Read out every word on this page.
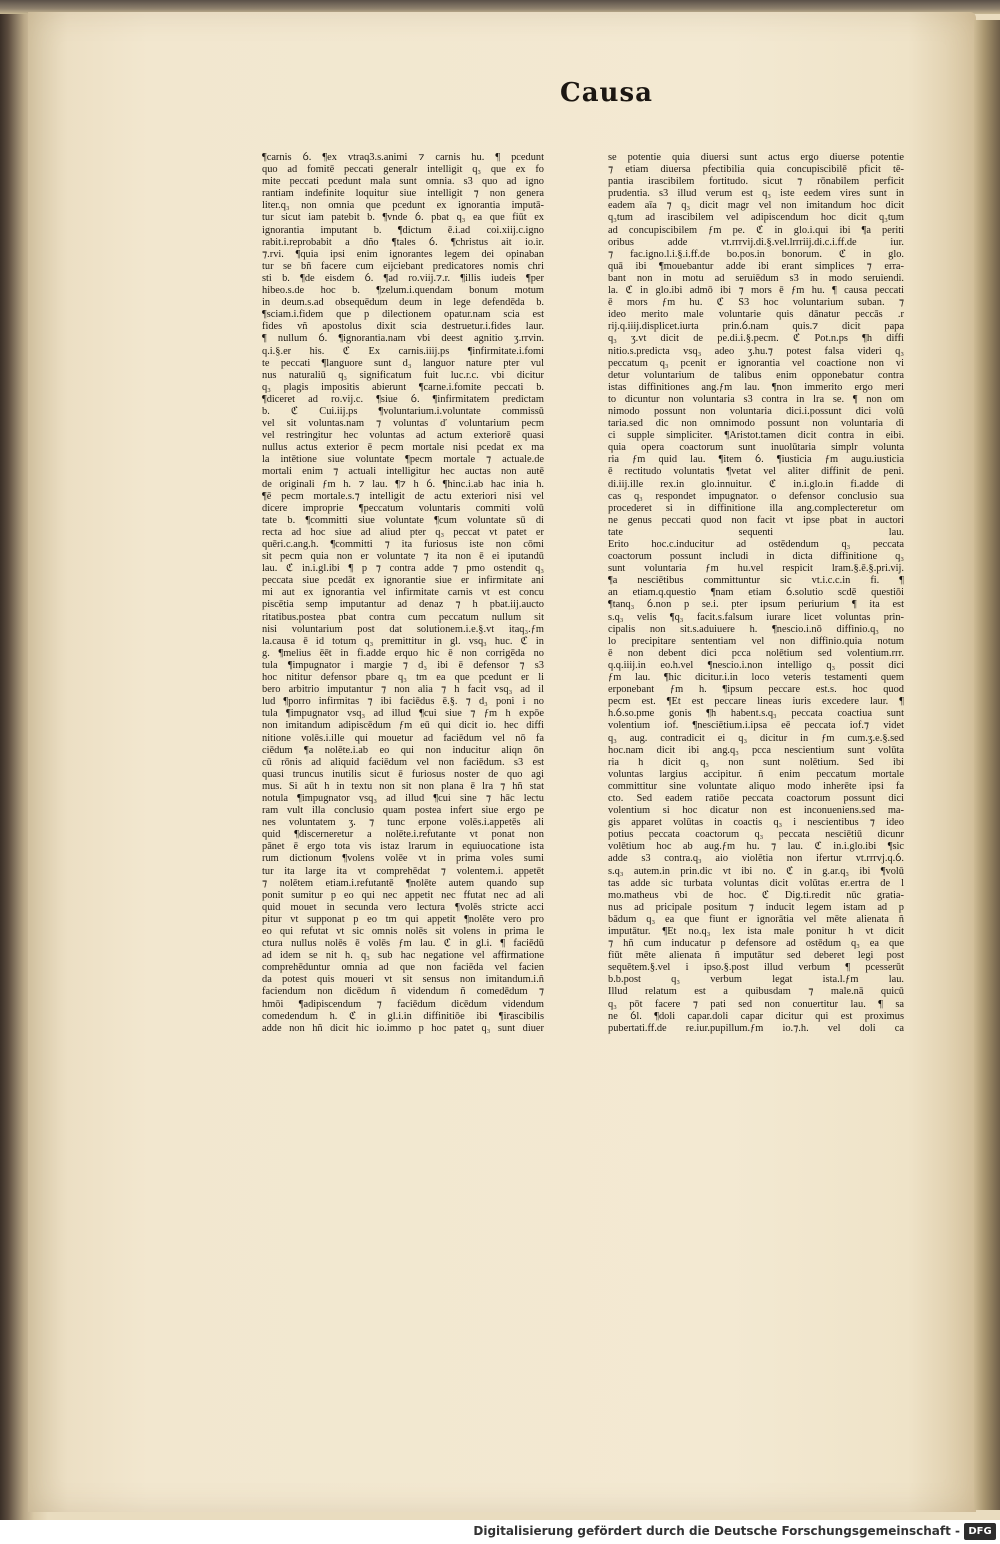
Causa
¶carnis ỽ. ¶ex vtraq3.s.animi ⁊ carnis hu. ¶ pcedunt
quo ad fomitē peccati generalr intelligit q₃ que ex fo
mite peccati pcedunt mala sunt omnia. s3 quo ad igno
rantiam indefinite loquitur siue intelligit ⁊ non genera
liter.q₃ non omnia que pcedunt ex ignorantia imputā-
tur sicut iam patebit b. ¶vnde ỽ. pbat q₃ ea que fiūt ex
ignorantia imputant b. ¶dictum ē.i.ad coi.xiij.c.igno
rabit.i.reprobabit a dño ¶tales ỽ. ¶christus ait io.ir.
⁊.rvi. ¶quia ipsi enim ignorantes legem dei opinaban
tur se bñ facere cum eijciebant predicatores nomis chri
sti b. ¶de eisdem ỽ. ¶ad ro.viij.⁊.r. ¶illis iudeis ¶per
hibeo.s.de hoc b. ¶zelum.i.quendam bonum motum
in deum.s.ad obsequēdum deum in lege defendēda b.
¶sciam.i.fidem que p dilectionem opatur.nam scia est
fides vñ apostolus dixit scia destruetur.i.fides laur.
¶ nullum ỽ. ¶ignorantia.nam vbi deest agnitio ʒ.rrvin.
q.i.§.er his. ℭ Ex carnis.iiij.ps ¶infirmitate.i.fomi
te peccati ¶languore sunt d₃ languor nature pter vul
nus naturaliū q₃ significatum fuit luc.r.c. vbi dicitur
q₃ plagis impositis abierunt ¶carne.i.fomite peccati b.
¶diceret ad ro.vij.c. ¶siue ỽ. ¶infirmitatem predictam
b. ℭ Cui.iij.ps ¶voluntarium.i.voluntate commissū
vel sit voluntas.nam ⁊ voluntas ď voluntarium pecm
vel restringitur hec voluntas ad actum exteriorē quasi
nullus actus exterior ē pecm mortale nisi pcedat ex ma
la intētione siue voluntate ¶pecm mortale ⁊ actuale.de
mortali enim ⁊ actuali intelligitur hec auctas non autē
de originali ƒm h. ⁊ lau. ¶⁊ h ỽ. ¶hinc.i.ab hac inia h.
¶ē pecm mortale.s.⁊ intelligit de actu exteriori nisi vel
dicere improprie ¶peccatum voluntaris commiti volū
tate b. ¶committi siue voluntate ¶cum voluntate sū di
recta ad hoc siue ad aliud pter q₃ peccat vt patet er
quēri.c.ang.h. ¶committi ⁊ ita furiosus iste non cōmi
sit pecm quia non er voluntate ⁊ ita non ē ei iputandū
lau. ℭ in.i.gl.ibi ¶ p ⁊ contra adde ⁊ pmo ostendit q₃
peccata siue pcedāt ex ignorantie siue er infirmitate ani
mi aut ex ignorantia vel infirmitate carnis vt est concu
piscētia semp imputantur ad denaz ⁊ h pbat.iij.aucto
ritatibus.postea pbat contra cum peccatum nullum sit
nisi voluntarium post dat solutionem.i.e.§.vt itaq₃.ƒm
la.causa ē id totum q₃ premittitur in gl. vsq₃ huc. ℭ in
g. ¶melius ēēt in fi.adde erquo hic ē non corrigēda no
tula ¶impugnator i margie ⁊ d₃ ibi ē defensor ⁊ s3
hoc nititur defensor pbare q₃ tm ea que pcedunt er li
bero arbitrio imputantur ⁊ non alia ⁊ h facit vsq₃ ad il
lud ¶porro infirmitas ⁊ ibi faciēdus ē.§. ⁊ d₃ poni i no
tula ¶impugnator vsq₃ ad illud ¶cui siue ⁊ ƒm h expōe
non imitandum adipiscēdum ƒm eū qui dicit io. hec diffi
nitione volēs.i.ille qui mouetur ad faciēdum vel nō fa
ciēdum ¶a nolēte.i.ab eo qui non inducitur aliqn ōn
cū rōnis ad aliquid faciēdum vel non faciēdum. s3 est
quasi truncus inutilis sicut ē furiosus noster de quo agi
mus. Si aūt h in textu non sit non plana ē lra ⁊ hñ stat
notula ¶impugnator vsq₃ ad illud ¶cui sine ⁊ hāc lectu
ram vult illa conclusio quam postea infert siue ergo pe
nes voluntatem ʒ. ⁊ tunc erpone volēs.i.appetēs ali
quid ¶discerneretur a nolēte.i.refutante vt ponat non
pānet ē ergo tota vis istaz lrarum in equiuocatione ista
rum dictionum ¶volens volēe vt in prima voles sumi
tur ita large ita vt comprehēdat ⁊ volentem.i. appetēt
⁊ nolētem etiam.i.refutantē ¶nolēte autem quando sup
ponit sumitur p eo qui nec appetit nec ffutat nec ad ali
quid mouet in secunda vero lectura ¶volēs stricte acci
pitur vt supponat p eo tm qui appetit ¶nolēte vero pro
eo qui refutat vt sic omnis nolēs sit volens in prima le
ctura nullus nolēs ē volēs ƒm lau. ℭ in gl.i. ¶ faciēdū
ad idem se nit h. q₃ sub hac negatione vel affirmatione
comprehēduntur omnia ad que non faciēda vel facien
da potest quis moueri vt sit sensus non imitandum.i.ñ
faciendum non dicēdum ñ videndum ñ comedēdum ⁊
hmōi ¶adipiscendum ⁊ faciēdum dicēdum videndum
comedendum h. ℭ in gl.i.in diffinitiōe ibi ¶irascibilis
adde non hñ dicit hic io.immo p hoc patet q₃ sunt diuer
se potentie quia diuersi sunt actus ergo diuerse potentie
⁊ etiam diuersa pfectibilia quia concupiscibilē pficit tē-
pantia irascibilem fortitudo. sicut ⁊ rōnabilem perficit
prudentia. s3 illud verum est q₃ iste eedem vires sunt in
eadem aīa ⁊ q₃ dicit magr vel non imitandum hoc dicit
q₃tum ad irascibilem vel adipiscendum hoc dicit q₃tum
ad concupiscibilem ƒm pe. ℭ in glo.i.qui ibi ¶a periti
oribus adde vt.rrrvij.di.§.vel.lrrriij.di.c.i.ff.de iur.
⁊ fac.igno.l.i.§.i.ff.de bo.pos.in bonorum. ℭ in glo.
quā ibi ¶mouebantur adde ibi erant simplices ⁊ erra-
bant non in motu ad seruiēdum s3 in modo seruiendi.
la. ℭ in glo.ibi admō ibi ⁊ mors ē ƒm hu. ¶ causa peccati
ē mors ƒm hu. ℭ S3 hoc voluntarium suban. ⁊
ideo merito male voluntarie quis dānatur peccās .r
rij.q.iiij.displicet.iurta prin.ỽ.nam quis.⁊ dicit papa
q₃ ʒ.vt dicit de pe.di.i.§.pecm. ℭ Pot.n.ps ¶h diffi
nitio.s.predicta vsq₃ adeo ʒ.hu.⁊ potest falsa videri q₃
peccatum q₃ pcenit er ignorantia vel coactione non vi
detur voluntarium de talibus enim opponebatur contra
istas diffinitiones ang.ƒm lau. ¶non immerito ergo meri
to dicuntur non voluntaria s3 contra in lra se. ¶ non om
nimodo possunt non voluntaria dici.i.possunt dici volū
taria.sed dic non omnimodo possunt non voluntaria di
ci supple simpliciter. ¶Aristot.tamen dicit contra in eibi.
quia opera coactorum sunt inuolūtaria simplr volunta
ria ƒm quid lau. ¶item ỽ. ¶iusticia ƒm augu.iusticia
ē rectitudo voluntatis ¶vetat vel aliter diffinit de peni.
di.iij.ille rex.in glo.innuitur. ℭ in.i.glo.in fi.adde di
cas q₃ respondet impugnator. o defensor conclusio sua
procederet si in diffinitione illa ang.complecteretur om
ne genus peccati quod non facit vt ipse pbat in auctori
tate sequenti lau.
Erito hoc.c.inducitur ad ostēdendum q₃ peccata
coactorum possunt includi in dicta diffinitione q₃
sunt voluntaria ƒm hu.vel respicit lram.§.ē.§.pri.vij.
¶a nesciētibus committuntur sic vt.i.c.c.in fi. ¶
an etiam.q.questio ¶nam etiam ỽ.solutio scdē questiōi
¶tanq₃ ỽ.non p se.i. pter ipsum periurium ¶ ita est
s.q₃ velis ¶q₃ facit.s.falsum iurare licet voluntas prin-
cipalis non sit.s.aduiuere h. ¶nescio.i.nō diffinio.q₃ no
lo precipitare sententiam vel non diffinio.quia notum
ē non debent dici pcca nolētium sed volentium.rrr.
q.q.iiij.in eo.h.vel ¶nescio.i.non intelligo q₃ possit dici
ƒm lau. ¶hic dicitur.i.in loco veteris testamenti quem
erponebant ƒm h. ¶ipsum peccare est.s. hoc quod
pecm est. ¶Et est peccare lineas iuris excedere laur. ¶
h.ỽ.so.pme gonis ¶h habent.s.q₃ peccata coactiua sunt
volentium iof. ¶nesciētium.i.ipsa eē peccata iof.⁊ videt
q₃ aug. contradicit ei q₃ dicitur in ƒm cum.ʒ.e.§.sed
hoc.nam dicit ibi ang.q₃ pcca nescientium sunt volūta
ria h dicit q₃ non sunt nolētium. Sed ibi
voluntas largius accipitur. ñ enim peccatum mortale
committitur sine voluntate aliquo modo inherēte ipsi fa
cto. Sed eadem ratiōe peccata coactorum possunt dici
volentium si hoc dicatur non est inconueniens.sed ma-
gis apparet volūtas in coactis q₃ i nescientibus ⁊ ideo
potius peccata coactorum q₃ peccata nesciētiū dicunr
volētium hoc ab aug.ƒm hu. ⁊ lau. ℭ in.i.glo.ibi ¶sic
adde s3 contra.q₃ aio violētia non ifertur vt.rrrvj.q.ỽ.
s.q₃ autem.in prin.dic vt ibi no. ℭ in g.ar.q₃ ibi ¶volū
tas adde sic turbata voluntas dicit volūtas er.ertra de l
mo.matheus vbi de hoc. ℭ Dig.ti.redit nūc gratia-
nus ad pricipale positum ⁊ inducit legem istam ad p
bādum q₃ ea que fiunt er ignorātia vel mēte alienata ñ
imputātur. ¶Et no.q₃ lex ista male ponitur h vt dicit
⁊ hñ cum inducatur p defensore ad ostēdum q₃ ea que
fiūt mēte alienata ñ imputātur sed deberet legi post
sequētem.§.vel i ipso.§.post illud verbum ¶ pcesserūt
b.b.post q₃ verbum legat ista.l.ƒm lau.
Illud relatum est a quibusdam ⁊ male.nā quicū
q₃ pōt facere ⁊ pati sed non conuertitur lau. ¶ sa
ne ỽl. ¶doli capar.doli capar dicitur qui est proximus
pubertati.ff.de re.iur.pupillum.ƒm io.⁊.h. vel doli ca
Digitalisierung gefördert durch die Deutsche Forschungsgemeinschaft - DFG
